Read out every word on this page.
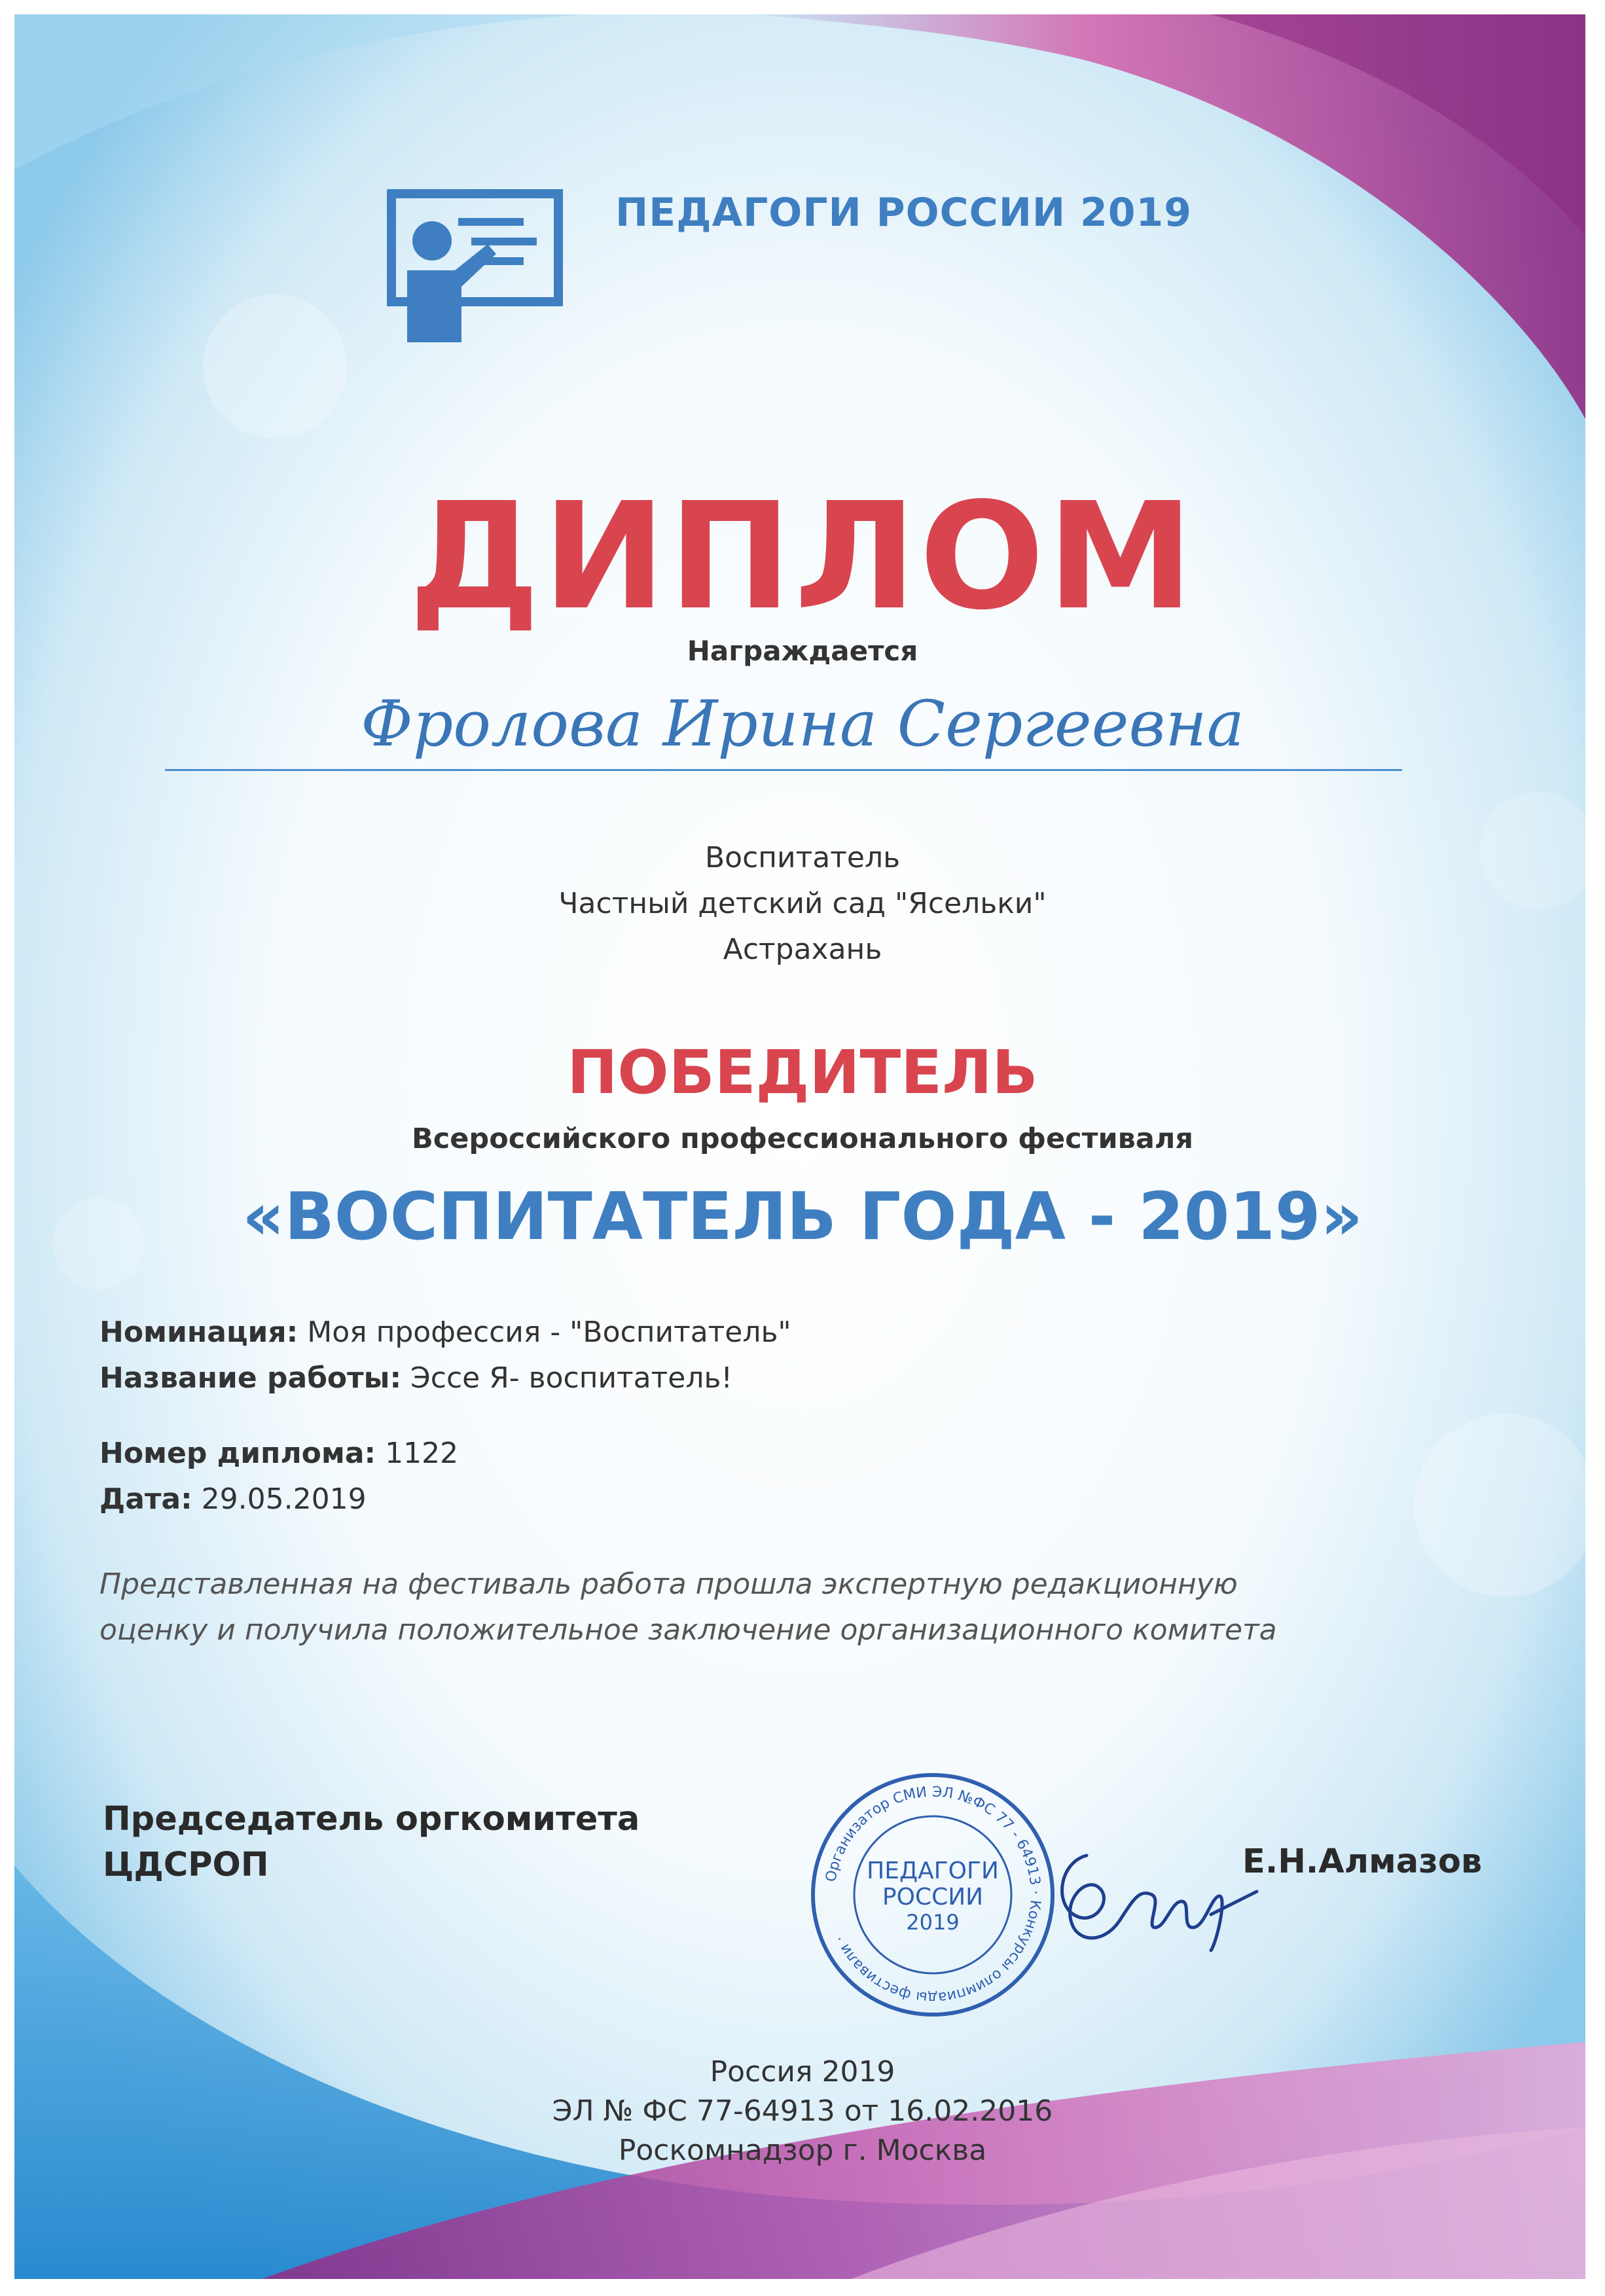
ПЕДАГОГИ РОССИИ 2019
ДИПЛОМ
Награждается
Фролова Ирина Сергеевна
Воспитатель
Частный детский сад "Ясельки"
Астрахань
ПОБЕДИТЕЛЬ
Всероссийского профессионального фестиваля
«ВОСПИТАТЕЛЬ ГОДА - 2019»
Номинация: Моя профессия - "Воспитатель"
Название работы: Эссе Я- воспитатель!
Номер диплома: 1122
Дата: 29.05.2019
Представленная на фестиваль работа прошла экспертную редакционную
оценку и получила положительное заключение организационного комитета
Председатель оргкомитета
ЦДСРОП	Е.Н.Алмазов
Организатор СМИ ЭЛ №ФС 77 - 64913 · Конкурсы олимпиады фестивали ·
ПЕДАГОГИ
РОССИИ
2019
Россия 2019
ЭЛ № ФС 77-64913 от 16.02.2016
Роскомнадзор г. Москва
